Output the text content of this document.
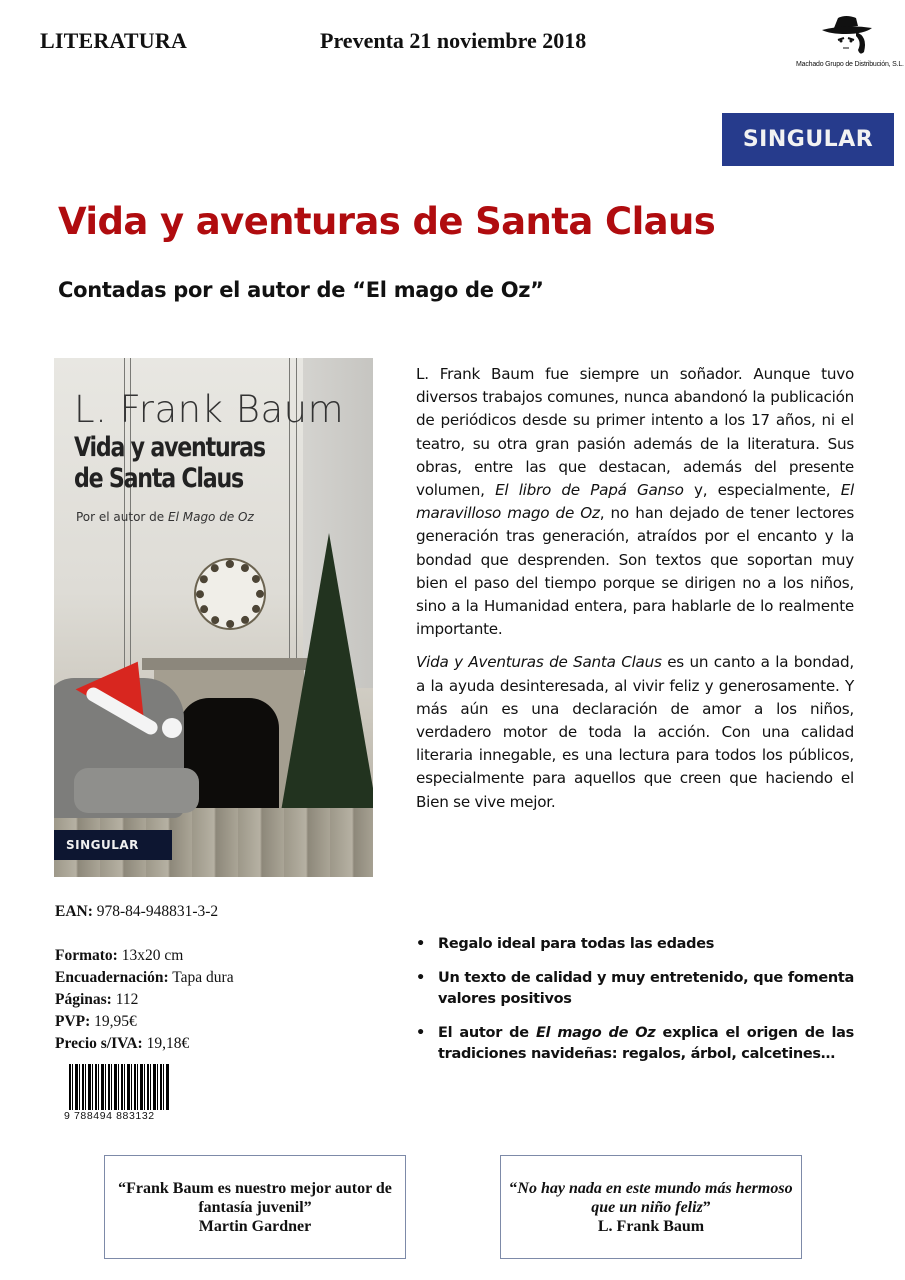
LITERATURA	Preventa 21 noviembre 2018
Machado Grupo de Distribución, S.L.
SINGULAR
Vida y aventuras de Santa Claus
Contadas por el autor de “El mago de Oz”
L. Frank Baum
Vida y aventuras
de Santa Claus
Por el autor de El Mago de Oz
SINGULAR

L. Frank Baum fue siempre un soñador. Aunque tuvo diversos trabajos comunes, nunca abandonó la publicación de periódicos desde su primer intento a los 17 años, ni el teatro, su otra gran pasión además de la literatura. Sus obras, entre las que destacan, además del presente volumen, El libro de Papá Ganso y, especialmente, El maravilloso mago de Oz, no han dejado de tener lectores generación tras generación, atraídos por el encanto y la bondad que desprenden. Son textos que soportan muy bien el paso del tiempo porque se dirigen no a los niños, sino a la Humanidad entera, para hablarle de lo realmente importante.

Vida y Aventuras de Santa Claus es un canto a la bondad, a la ayuda desinteresada, al vivir feliz y generosamente. Y más aún es una declaración de amor a los niños, verdadero motor de toda la acción. Con una calidad literaria innegable, es una lectura para todos los públicos, especialmente para aquellos que creen que haciendo el Bien se vive mejor.

• Regalo ideal para todas las edades
• Un texto de calidad y muy entretenido, que fomenta valores positivos
• El autor de El mago de Oz explica el origen de las tradiciones navideñas: regalos, árbol, calcetines…
EAN: 978-84-948831-3-2
Formato: 13x20 cm
Encuadernación: Tapa dura
Páginas: 112
PVP: 19,95€
Precio s/IVA: 19,18€
9 788494 883132
“Frank Baum es nuestro mejor autor de fantasía juvenil”
Martin Gardner
“No hay nada en este mundo más hermoso que un niño feliz”
L. Frank Baum
